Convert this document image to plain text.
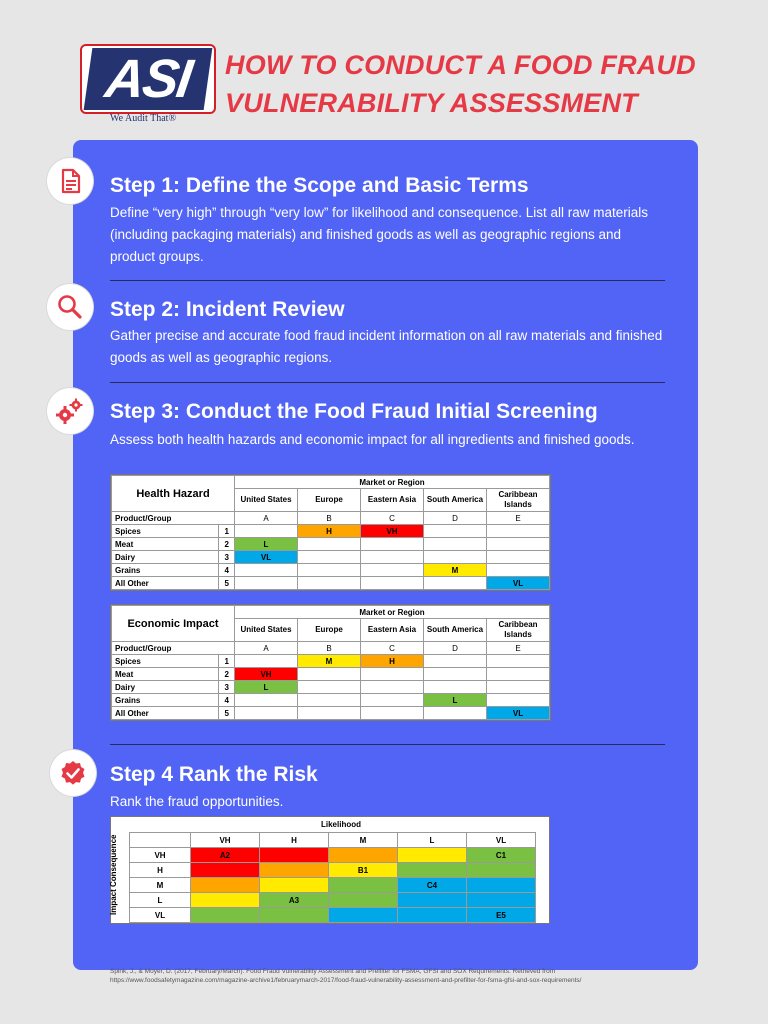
ASI
We Audit That®
HOW TO CONDUCT A FOOD FRAUD
VULNERABILITY ASSESSMENT
Step 1: Define the Scope and Basic Terms
Define “very high” through “very low” for likelihood and consequence. List all raw materials (including packaging materials) and finished goods as well as geographic regions and product groups.
Step 2: Incident Review
Gather precise and accurate food fraud incident information on all raw materials and finished goods as well as geographic regions.
Step 3: Conduct the Food Fraud Initial Screening
Assess both health hazards and economic impact for all ingredients and finished goods.
Health Hazard		Market or Region				
		United States	Europe	Eastern Asia	South America	Caribbean Islands
Product/Group		A	B	C	D	E
Spices	1		H	VH		
Meat	2	L				
Dairy	3	VL				
Grains	4				M	
All Other	5					VL
Economic Impact		Market or Region				
		United States	Europe	Eastern Asia	South America	Caribbean Islands
Product/Group		A	B	C	D	E
Spices	1		M	H		
Meat	2	VH				
Dairy	3	L				
Grains	4				L	
All Other	5					VL
Step 4 Rank the Risk
Rank the fraud opportunities.
Impact Consequence
Likelihood
	VH	H	M	L	VL
VH	A2				C1
H			B1		
M				C4	
L		A3			
VL					E5
Spink, J., & Moyer, D. (2017, February/March). Food Fraud Vulnerability Assessment and Prefilter for FSMA, GFSI and SOX Requirements. Retrieved from https://www.foodsafetymagazine.com/magazine-archive1/februarymarch-2017/food-fraud-vulnerability-assessment-and-prefilter-for-fsma-gfsi-and-sox-requirements/
